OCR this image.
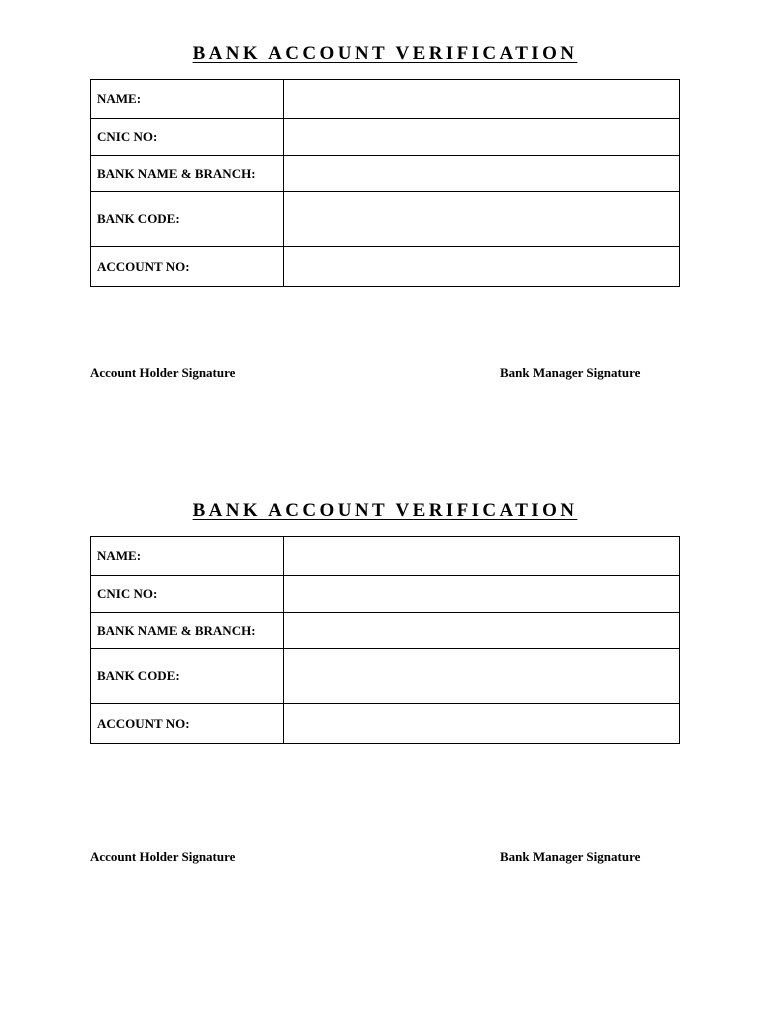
BANK ACCOUNT VERIFICATION
NAME:	
CNIC NO:	
BANK NAME & BRANCH:	
BANK CODE:	
ACCOUNT NO:	
Account Holder Signature	Bank Manager Signature
BANK ACCOUNT VERIFICATION
NAME:	
CNIC NO:	
BANK NAME & BRANCH:	
BANK CODE:	
ACCOUNT NO:	
Account Holder Signature	Bank Manager Signature
